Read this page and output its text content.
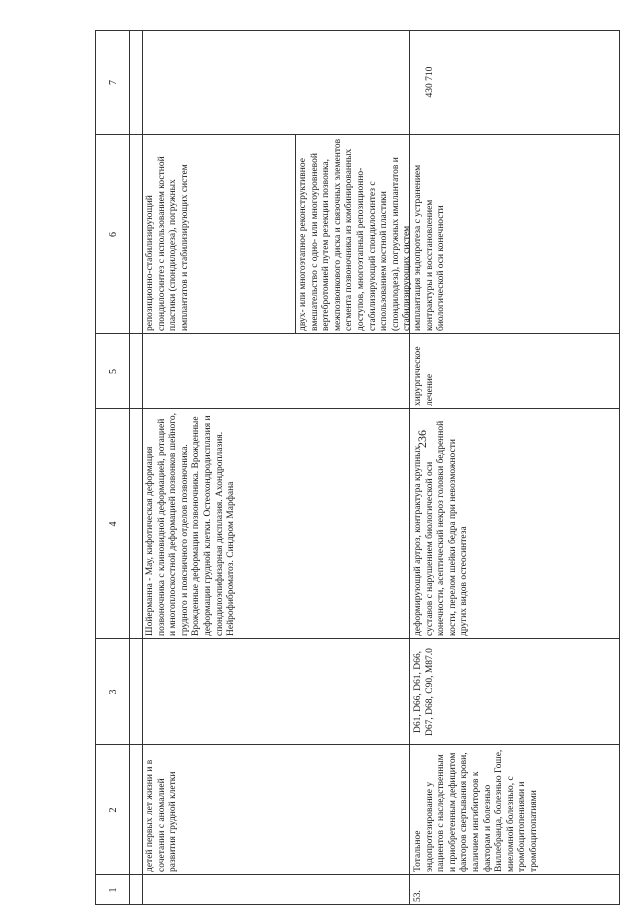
236
1
2
3
4
5
6
7
детей первых лет жизни и в сочетании с аномалией развития грудной клетки
Шойерманна - Мау, кифотическая деформация позвоночника с клиновидной деформацией, ротацией и многоплоскостной деформацией позвонков шейного, грудного и поясничного отделов позвоночника. Врожденные деформации позвоночника. Врожденные деформации грудной клетки. Остеохондродисплазия и спондилоэпифизарная дисплазия. Ахондроплазия. Нейрофиброматоз. Синдром Марфана
репозиционно-стабилизирующий спондилосинтез с использованием костной пластики (спондилодеза), погружных имплантатов и стабилизирующих систем	двух- или многоэтапное реконструктивное вмешательство с одно- или многоуровневой вертебротомией путем резекции позвонка, межпозвонкового диска и связочных элементов сегмента позвоночника из комбинированных доступов, многоэтапный репозиционно-стабилизирующий спондилосинтез с использованием костной пластики (спондилодеза), погружных имплантатов и стабилизирующих систем
53.
Тотальное эндопротезирование у пациентов с наследственным и приобретенным дефицитом факторов свертывания крови, наличием ингибиторов к факторам и болезнью Виллебранда, болезнью Гоше, миеломной болезнью, с тромбоцитопениями и тромбоцитопатиями
D61, D66, D61, D66, D67, D68, C90, M87.0
деформирующий артроз, контрактура крупных суставов с нарушением биологической оси конечности, асептический некроз головки бедренной кости, перелом шейки бедра при невозможности других видов остеосинтеза
хирургическое лечение
имплантация эндопротеза с устранением контрактуры и восстановлением биологической оси конечности
430 710
